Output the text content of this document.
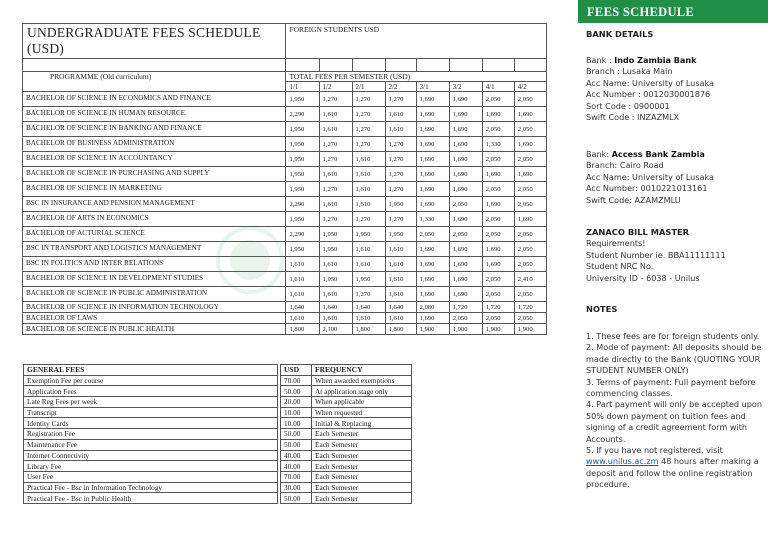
UNDERGRADUATE FEES SCHEDULE (USD)	FOREIGN STUDENTS USD							

PROGRAMME (Old curriculum)	TOTAL FEES PER SEMESTER (USD)							
	1/1	1/2	2/1	2/2	3/1	3/2	4/1	4/2
BACHELOR OF SCIENCE IN ECONOMICS AND FINANCE	1,950	1,270	1,270	1,270	1,690	1,690	2,050	2,050
BACHELOR OF SCIENCE IN HUMAN RESOURCE	2,290	1,610	1,270	1,610	1,690	1,690	1,690	1,690
BACHELOR OF SCIENCE IN BANKING AND FINANCE	1,950	1,610	1,270	1,610	1,690	1,690	2,050	2,050
BACHELOR OF BUSINESS ADMINISTRATION	1,950	1,270	1,270	1,270	1,690	1,690	1,330	1,690
BACHELOR OF SCIENCE IN ACCOUNTANCY	1,950	1,270	1,610	1,270	1,690	1,690	2,050	2,050
BACHELOR OF SCIENCE IN PURCHASING AND SUPPLY	1,950	1,610	1,610	1,270	1,690	1,690	1,690	1,690
BACHELOR OF SCIENCE IN MARKETING	1,950	1,270	1,610	1,270	1,690	1,690	2,050	2,050
BSC IN INSURANCE AND PENSION MANAGEMENT	2,290	1,610	1,610	1,950	1,690	2,050	1,690	2,050
BACHELOR OF ARTS IN ECONOMICS	1,950	1,270	1,270	1,270	1,330	1,690	2,050	1,690
BACHELOR OF ACTURIAL SCIENCE	2,290	1,950	1,950	1,950	2,050	2,050	2,050	2,050
BSC IN TRANSPORT AND LOGISTICS MANAGEMENT	1,950	1,950	1,610	1,610	1,690	1,690	1,690	2,050
BSC IN POLITICS AND INTER RELATIONS	1,610	1,610	1,610	1,610	1,690	1,690	1,690	2,050
BACHELOR OF SCIENCE IN DEVELOPMENT STUDIES	1,610	1,950	1,950	1,610	1,690	1,690	2,050	2,410
BACHELOR OF SCIENCE IN PUBLIC ADMINISTRATION	1,610	1,610	1,270	1,610	1,690	1,690	2,050	2,050
BACHELOR OF SCIENCE IN INFORMATION TECHNOLOGY	1,640	1,640	1,640	1,640	2,080	1,720	1,720	1,720
BACHELOR OF LAWS	1,610	1,610	1,610	1,610	1,690	2,050	2,050	2,050
BACHELOR OF SCIENCE IN PUBLIC HEALTH	1,800	2,100	1,800	1,800	1,900	1,900	1,900	1,900
GENERAL FEES		USD	FREQUENCY
Exemption Fee per course		70.00	When awarded exemptions
Application Fees		50.00	At application stage only
Late Reg Fees per week		20.00	When applicable
Transcript		10.00	When requested
Identity Cards		10.00	Initial & Replacing
Registration Fee		50.00	Each Semester
Maintenance Fee		50.00	Each Semester
Internet Connectivity		40.00	Each Semester
Library Fee		40.00	Each Semester
User Fee		70.00	Each Semester
Practical Fee - Bsc in Information Technology		30.00	Each Semester
Practical Fee - Bsc in Public Health		50.00	Each Semester
FEES SCHEDULE
BANK DETAILS
Bank : Indo Zambia Bank
Branch : Lusaka Main
Acc Name: University of Lusaka
Acc Number : 0012030001876
Sort Code : 0900001
Swift Code : INZAZMLX
Bank: Access Bank Zambia
Branch: Cairo Road
Acc Name: University of Lusaka
Acc Number: 0010221013161
Swift Code: AZAMZMLU
ZANACO BILL MASTER
Requirements!
Student Number ie. BBA11111111
Student NRC No.
University ID - 6038 - Unilus
NOTES
1. These fees are for foreign students only.
2. Mode of payment: All deposits should be made directly to the Bank (QUOTING YOUR STUDENT NUMBER ONLY)
3. Terms of payment: Full payment before commencing classes.
4. Part payment will only be accepted upon 50% down payment on tuition fees and signing of a credit agreement form with Accounts.
5. If you have not registered, visit www.unilus.ac.zm 48 hours after making a deposit and follow the online registration procedure.
